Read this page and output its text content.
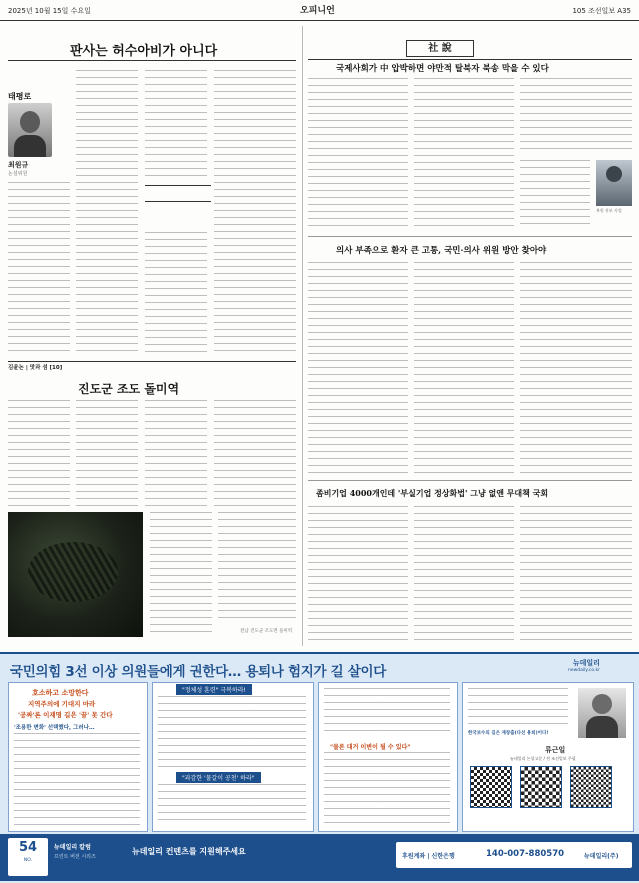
2025년 10월 15일 수요일	오피니언	105 조선일보 A35
판사는 허수아비가 아니다
태평로
최원규
논설위원

김윤논 | 맛과 섬 [10]
진도군 조도 돌미역
전남 진도군 조도면 돌미역
社 說
국제사회가 中 압박하면 야만적 탈북자 북송 막을 수 있다
복원 홍보 사업
의사 부족으로 환자 큰 고통, 국민·의사 위원 방안 찾아야
좀비기업 4000개인데 '부실기업 정상화법' 그냥 없앤 무대책 국회
국민의힘 3선 이상 의원들에게 권한다… 용퇴나 험지가 길 살이다
뉴데일리
newdaily.co.kr
호소하고 소망한다
지역주의에 기대지 마라
'공짜'론 이재명 길은 '끝' 못 간다
'조용한 변화' 선택했다, 그러나…
"정체성 훈련" 극복하라!
"과감한 '물갈이 공천' 하라"
"물론 대거 이변이 될 수 있다"
한국보수의 길은 재창출(다선 용퇴)이다!
류근일
뉴데일리 논설고문 / 전 조선일보 주필
54
NO.
뉴데일리 칼럼
프린트 버전 시리즈
뉴데일리 컨텐츠를 지원해주세요
후원계좌 | 신한은행	140-007-880570	뉴데일리(주)
